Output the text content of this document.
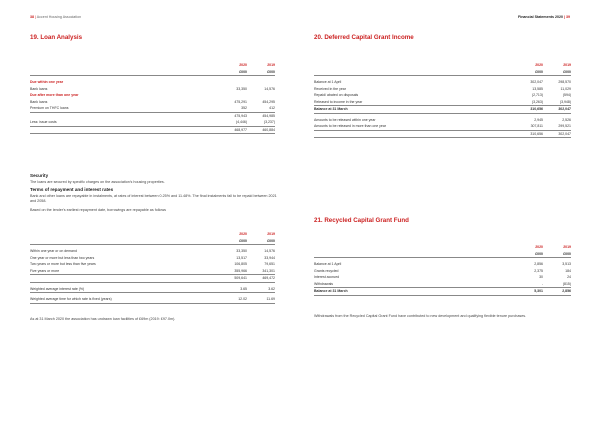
38 | Accent Housing Association	Financial Statements 2020 | 39
19. Loan Analysis
	2020	2019
	£000	£000

Due within one year		
Bank loans	33,350	14,576
Due after more than one year		
Bank loans	475,291	454,295
Premium on THFC loans	352	412
	475,943	454,985
Less: issue costs	(4,446)	(3,237)
	468,977	460,884
Security
The loans are secured by specific charges on the association's housing properties.
Terms of repayment and interest rates
Bank and other loans are repayable in instalments, at rates of interest between 0.25% and 11.48%. The final instalments fall to be repaid between 2021 and 2058.
Based on the lender's earliest repayment date, borrowings are repayable as follows
	2020	2019
	£000	£000

Within one year or on demand	33,350	14,576
One year or more but less than two years	13,517	33,944
Two years or more but less than five years	106,805	79,651
Five years or more	355,966	341,301
	509,641	469,472

Weighted average interest rate (%)	3.65	3.62

Weighted average time for which rate is fixed (years)	12.02	11.69
As at 31 March 2020 the association has undrawn loan facilities of £69m (2019: £97.0m).
20. Deferred Capital Grant Income
	2020	2019
	£000	£000

Balance at 1 April	302,047	298,570
Received in the year	13,585	11,029
Repaid/ abated on disposals	(2,713)	(594)
Released to income in the year	(3,263)	(3,948)
Balance at 31 March	310,656	302,047

Amounts to be released within one year	2,945	2,526
Amounts to be released in more than one year	307,811	299,521
	310,656	302,047
21. Recycled Capital Grant Fund
	2020	2019
	£000	£000

Balance at 1 April	2,856	3,513
Grants recycled	2,375	184
Interest accrued	30	24
Withdrawals	-	(815)
Balance at 31 March	5,301	2,856
Withdrawals from the Recycled Capital Grant Fund have contributed to new development and qualifying flexible tenure purchases.
